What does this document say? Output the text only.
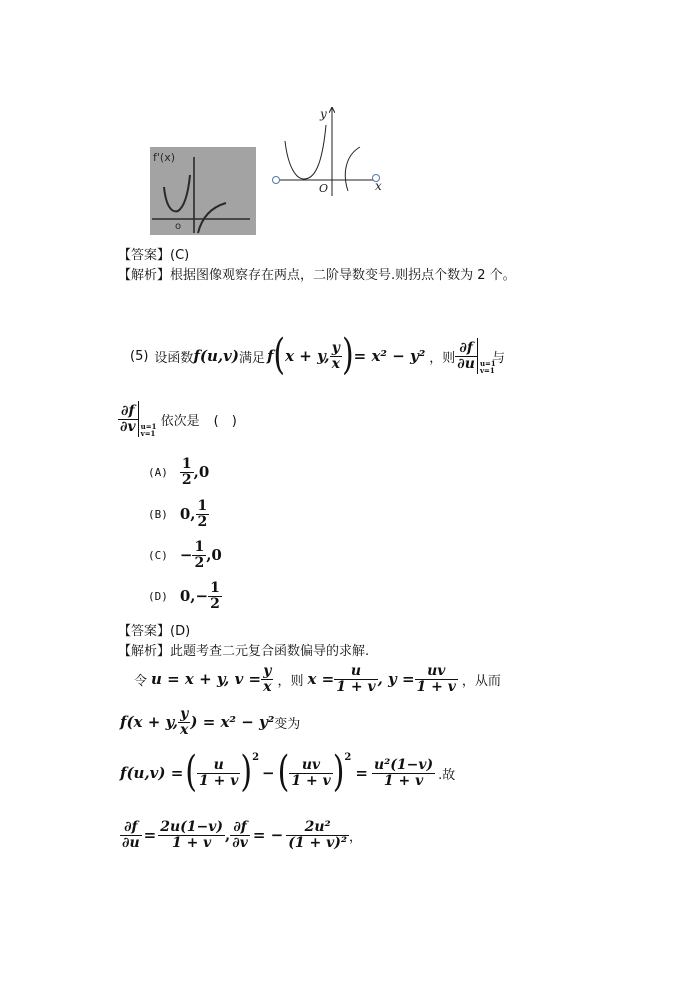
f'(x)
o
y
O	x
【答案】(C)
【解析】根据图像观察存在两点，二阶导数变号.则拐点个数为 2 个。
(5) 设函数 f(u,v) 满足 f ( x + y, $\frac{y}{x}$ ) = x² − y² ，则 $\frac{\partial f}{\partial u} u=1$
v=1
与
$\frac{\partial f}{\partial v} u=1$
v=1
依次是 (　)
$(A) \frac{1}{2} ,0$
(B) 0, $\frac{1}{2}$
$(C) - \frac{1}{2} ,0$
(D) $0,- \frac{1}{2}$
【答案】(D)
【解析】此题考查二元复合函数偏导的求解.
令 u = x + y, $v = \frac{y}{x}$ ，则 $x = \frac{u}{1 + v}$ , $y = \frac{uv}{1 + v}$ ，从而
f(x + y, $\frac{y}{x}$ ) = x² − y² 变为
f(u,v) = ( $\frac{u}{1 + v} )^2$
− ( $\frac{uv}{1 + v} )^2$
= $\frac{\text{u²(1−v)}}{1 + v}$ .故
$\frac{\partial f}{\partial u} = \frac{2u(1-v)}{1 + v}$ , $\frac{\partial f}{\partial v}$ = − $\frac{\text{2u²}}{\text{(1 + v)²}}$ ，
